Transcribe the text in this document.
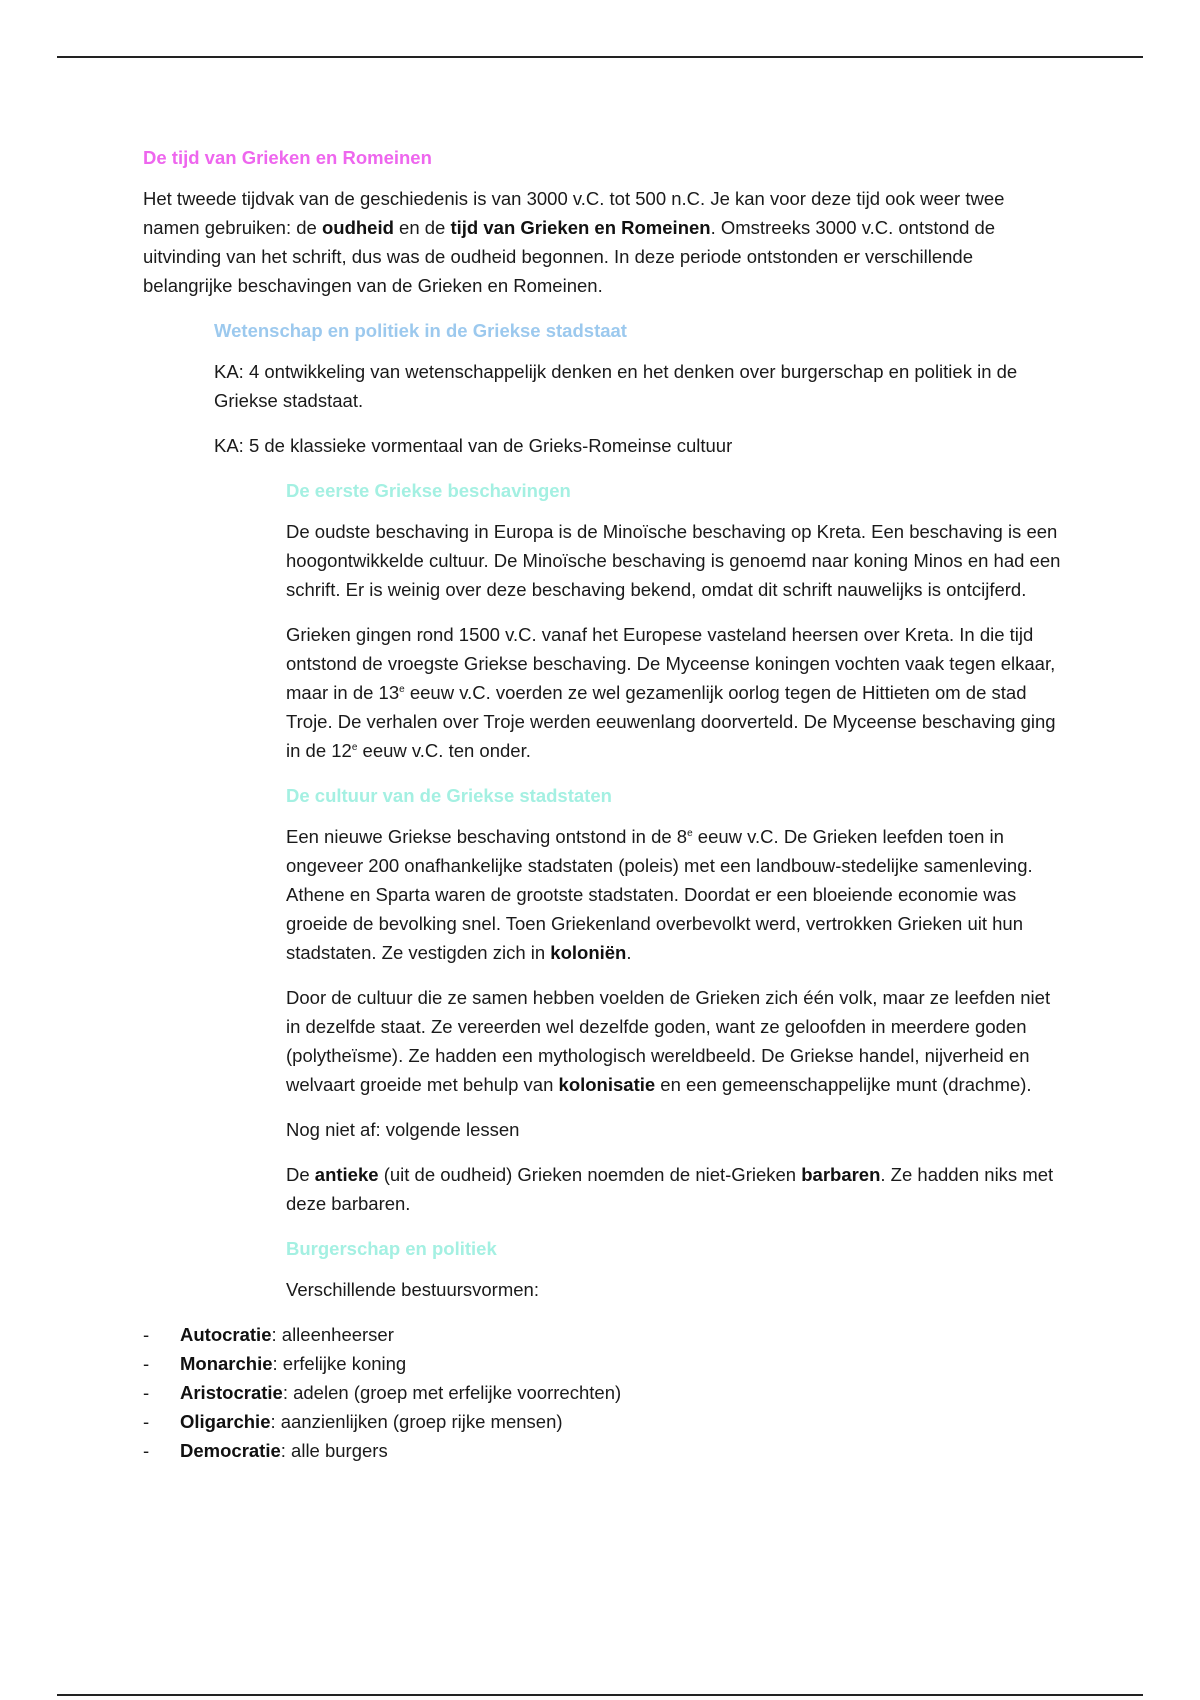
De tijd van Grieken en Romeinen

Het tweede tijdvak van de geschiedenis is van 3000 v.C. tot 500 n.C. Je kan voor deze tijd ook weer twee namen gebruiken: de oudheid en de tijd van Grieken en Romeinen. Omstreeks 3000 v.C. ontstond de uitvinding van het schrift, dus was de oudheid begonnen. In deze periode ontstonden er verschillende belangrijke beschavingen van de Grieken en Romeinen.

Wetenschap en politiek in de Griekse stadstaat

KA: 4 ontwikkeling van wetenschappelijk denken en het denken over burgerschap en politiek in de Griekse stadstaat.

KA: 5 de klassieke vormentaal van de Grieks-Romeinse cultuur

De eerste Griekse beschavingen

De oudste beschaving in Europa is de Minoïsche beschaving op Kreta. Een beschaving is een hoogontwikkelde cultuur. De Minoïsche beschaving is genoemd naar koning Minos en had een schrift. Er is weinig over deze beschaving bekend, omdat dit schrift nauwelijks is ontcijferd.

Grieken gingen rond 1500 v.C. vanaf het Europese vasteland heersen over Kreta. In die tijd ontstond de vroegste Griekse beschaving. De Myceense koningen vochten vaak tegen elkaar, maar in de 13e eeuw v.C. voerden ze wel gezamenlijk oorlog tegen de Hittieten om de stad Troje. De verhalen over Troje werden eeuwenlang doorverteld. De Myceense beschaving ging in de 12e eeuw v.C. ten onder.

De cultuur van de Griekse stadstaten

Een nieuwe Griekse beschaving ontstond in de 8e eeuw v.C. De Grieken leefden toen in ongeveer 200 onafhankelijke stadstaten (poleis) met een landbouw-stedelijke samenleving. Athene en Sparta waren de grootste stadstaten. Doordat er een bloeiende economie was groeide de bevolking snel. Toen Griekenland overbevolkt werd, vertrokken Grieken uit hun stadstaten. Ze vestigden zich in koloniën.

Door de cultuur die ze samen hebben voelden de Grieken zich één volk, maar ze leefden niet in dezelfde staat. Ze vereerden wel dezelfde goden, want ze geloofden in meerdere goden (polytheïsme). Ze hadden een mythologisch wereldbeeld. De Griekse handel, nijverheid en welvaart groeide met behulp van kolonisatie en een gemeenschappelijke munt (drachme).

Nog niet af: volgende lessen

De antieke (uit de oudheid) Grieken noemden de niet-Grieken barbaren. Ze hadden niks met deze barbaren.

Burgerschap en politiek

Verschillende bestuursvormen:

- Autocratie: alleenheerser
- Monarchie: erfelijke koning
- Aristocratie: adelen (groep met erfelijke voorrechten)
- Oligarchie: aanzienlijken (groep rijke mensen)
- Democratie: alle burgers
